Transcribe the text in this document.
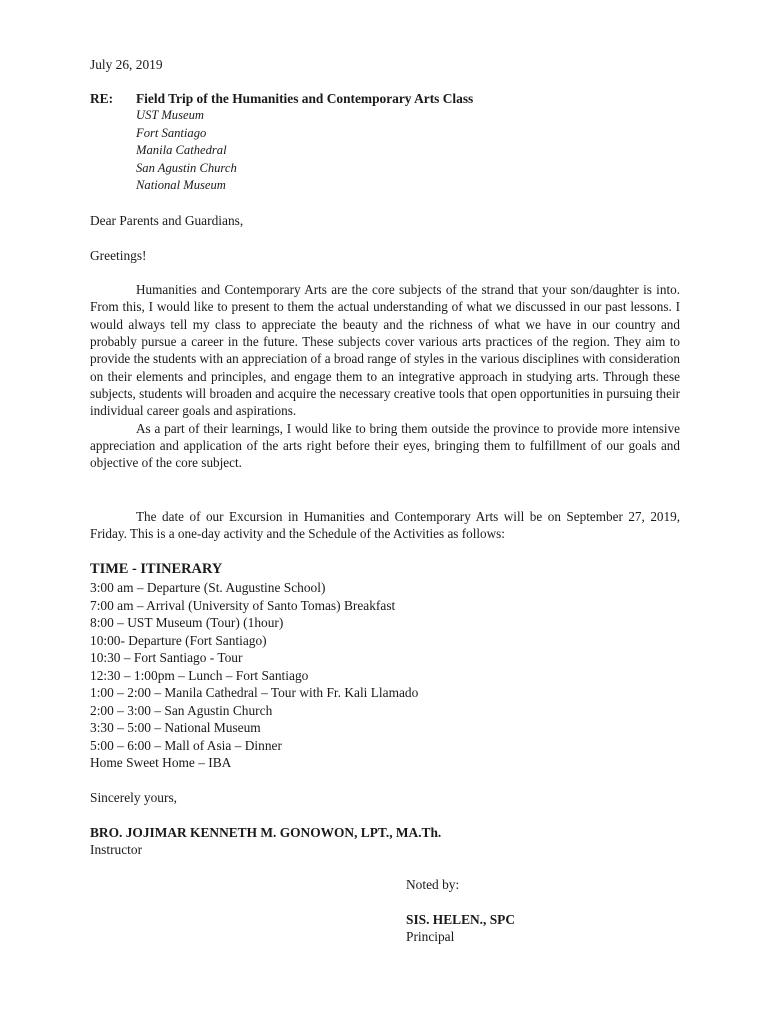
July 26, 2019
RE: Field Trip of the Humanities and Contemporary Arts Class
UST Museum
Fort Santiago
Manila Cathedral
San Agustin Church
National Museum
Dear Parents and Guardians,
Greetings!

Humanities and Contemporary Arts are the core subjects of the strand that your son/daughter is into. From this, I would like to present to them the actual understanding of what we discussed in our past lessons. I would always tell my class to appreciate the beauty and the richness of what we have in our country and probably pursue a career in the future. These subjects cover various arts practices of the region. They aim to provide the students with an appreciation of a broad range of styles in the various disciplines with consideration on their elements and principles, and engage them to an integrative approach in studying arts. Through these subjects, students will broaden and acquire the necessary creative tools that open opportunities in pursuing their individual career goals and aspirations.

As a part of their learnings, I would like to bring them outside the province to provide more intensive appreciation and application of the arts right before their eyes, bringing them to fulfillment of our goals and objective of the core subject.

The date of our Excursion in Humanities and Contemporary Arts will be on September 27, 2019, Friday. This is a one-day activity and the Schedule of the Activities as follows:
TIME - ITINERARY
3:00 am – Departure (St. Augustine School)
7:00 am – Arrival (University of Santo Tomas) Breakfast
8:00 – UST Museum (Tour) (1hour)
10:00- Departure (Fort Santiago)
10:30 – Fort Santiago - Tour
12:30 – 1:00pm – Lunch – Fort Santiago
1:00 – 2:00 – Manila Cathedral – Tour with Fr. Kali Llamado
2:00 – 3:00 – San Agustin Church
3:30 – 5:00 – National Museum
5:00 – 6:00 – Mall of Asia – Dinner
Home Sweet Home – IBA
Sincerely yours,
BRO. JOJIMAR KENNETH M. GONOWON, LPT., MA.Th.
Instructor
Noted by:
SIS. HELEN., SPC
Principal
